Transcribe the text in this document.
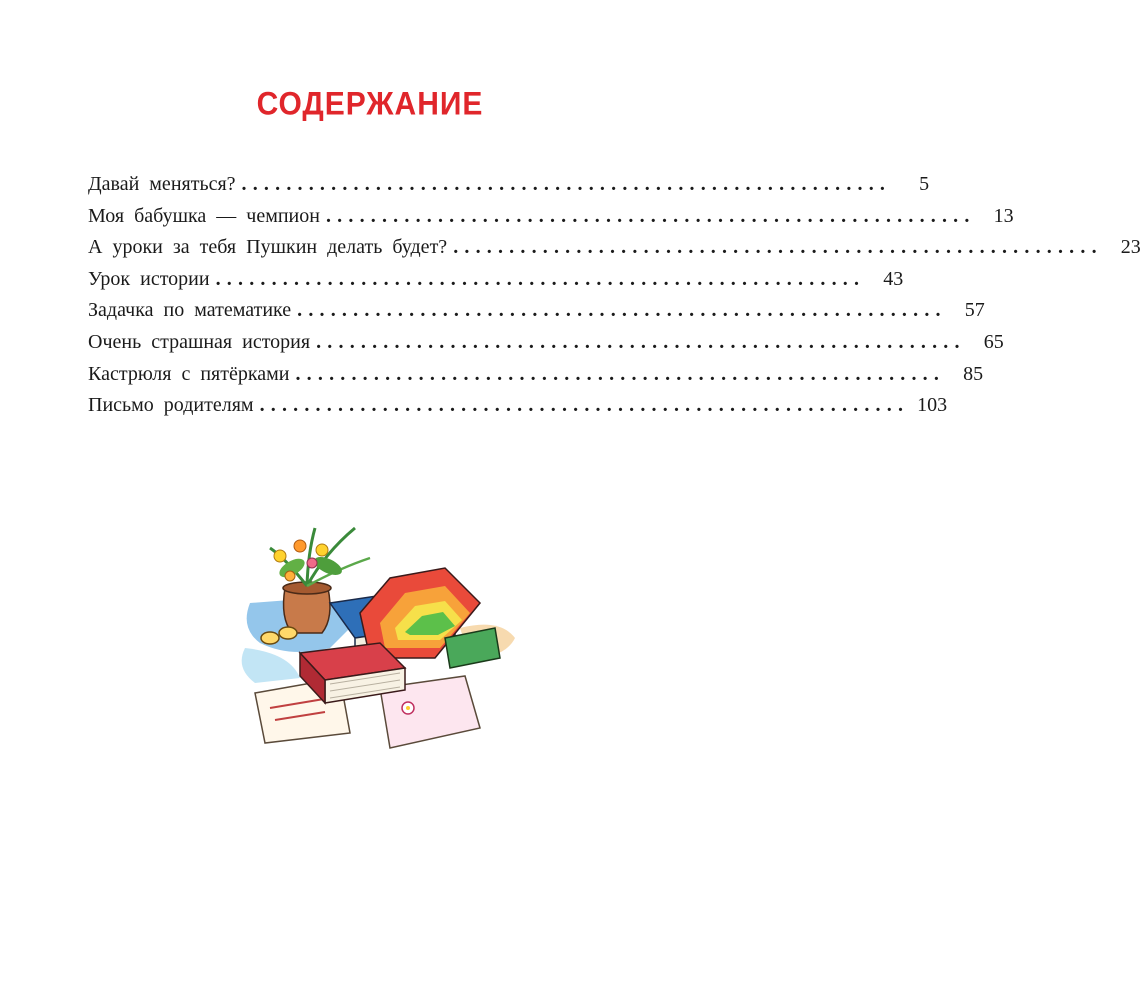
СОДЕРЖАНИЕ
Давай меняться? ..........................................................	5
Моя бабушка — чемпион .......................................................... 13
А уроки за тебя Пушкин делать будет? .......................................................... 23
Урок истории .......................................................... 43
Задачка по математике .......................................................... 57
Очень страшная история .......................................................... 65
Кастрюля с пятёрками .......................................................... 85
Письмо родителям .......................................................... 103
